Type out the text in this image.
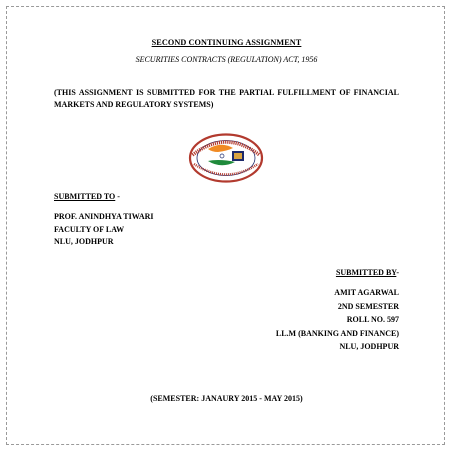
SECOND CONTINUING ASSIGNMENT
SECURITIES CONTRACTS (REGULATION) ACT, 1956
(THIS ASSIGNMENT IS SUBMITTED FOR THE PARTIAL FULFILLMENT OF FINANCIAL MARKETS AND REGULATORY SYSTEMS)
SUBMITTED TO -
PROF. ANINDHYA TIWARI
FACULTY OF LAW
NLU, JODHPUR
SUBMITTED BY-
AMIT AGARWAL
2ND SEMESTER
ROLL NO. 597
LL.M (BANKING AND FINANCE)
NLU, JODHPUR
(SEMESTER: JANAURY 2015 - MAY 2015)
